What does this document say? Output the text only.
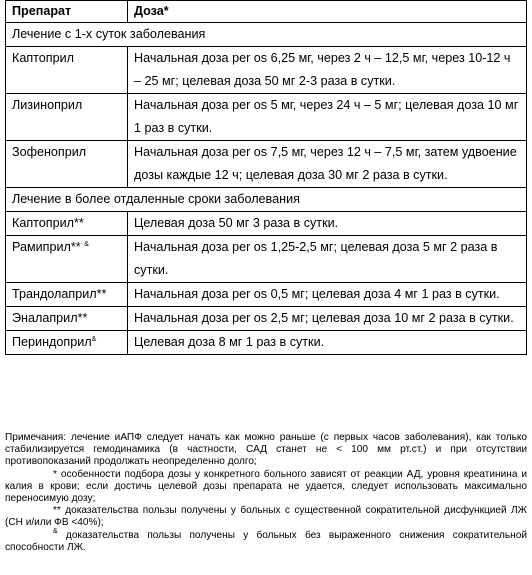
Препарат	Доза*
Лечение с 1-х суток заболевания	
Каптоприл	Начальная доза per os 6,25 мг, через 2 ч – 12,5 мг, через 10-12 ч – 25 мг; целевая доза 50 мг 2-3 раза в сутки.
Лизиноприл	Начальная доза per os 5 мг, через 24 ч – 5 мг; целевая доза 10 мг 1 раз в сутки.
Зофеноприл	Начальная доза per os 7,5 мг, через 12 ч – 7,5 мг, затем удвоение дозы каждые 12 ч; целевая доза 30 мг 2 раза в сутки.
Лечение в более отдаленные сроки заболевания	
Каптоприл**	Целевая доза 50 мг 3 раза в сутки.
Рамиприл** &	Начальная доза per os 1,25-2,5 мг; целевая доза 5 мг 2 раза в сутки.
Трандолаприл**	Начальная доза per os 0,5 мг; целевая доза 4 мг 1 раз в сутки.
Эналаприл**	Начальная доза per os 2,5 мг; целевая доза 10 мг 2 раза в сутки.
Периндоприл&	Целевая доза 8 мг 1 раз в сутки.

Примечания: лечение иАПФ следует начать как можно раньше (с первых часов заболевания), как только стабилизируется гемодинамика (в частности, САД станет не < 100 мм рт.ст.) и при отсутствии противопоказаний продолжать неопределенно долго;

* особенности подбора дозы у конкретного больного зависят от реакции АД, уровня креатинина и калия в крови; если достичь целевой дозы препарата не удается, следует использовать максимально переносимую дозу;

** доказательства пользы получены у больных с существенной сократительной дисфункцией ЛЖ (СН и/или ФВ <40%);

& доказательства пользы получены у больных без выраженного снижения сократительной способности ЛЖ.
